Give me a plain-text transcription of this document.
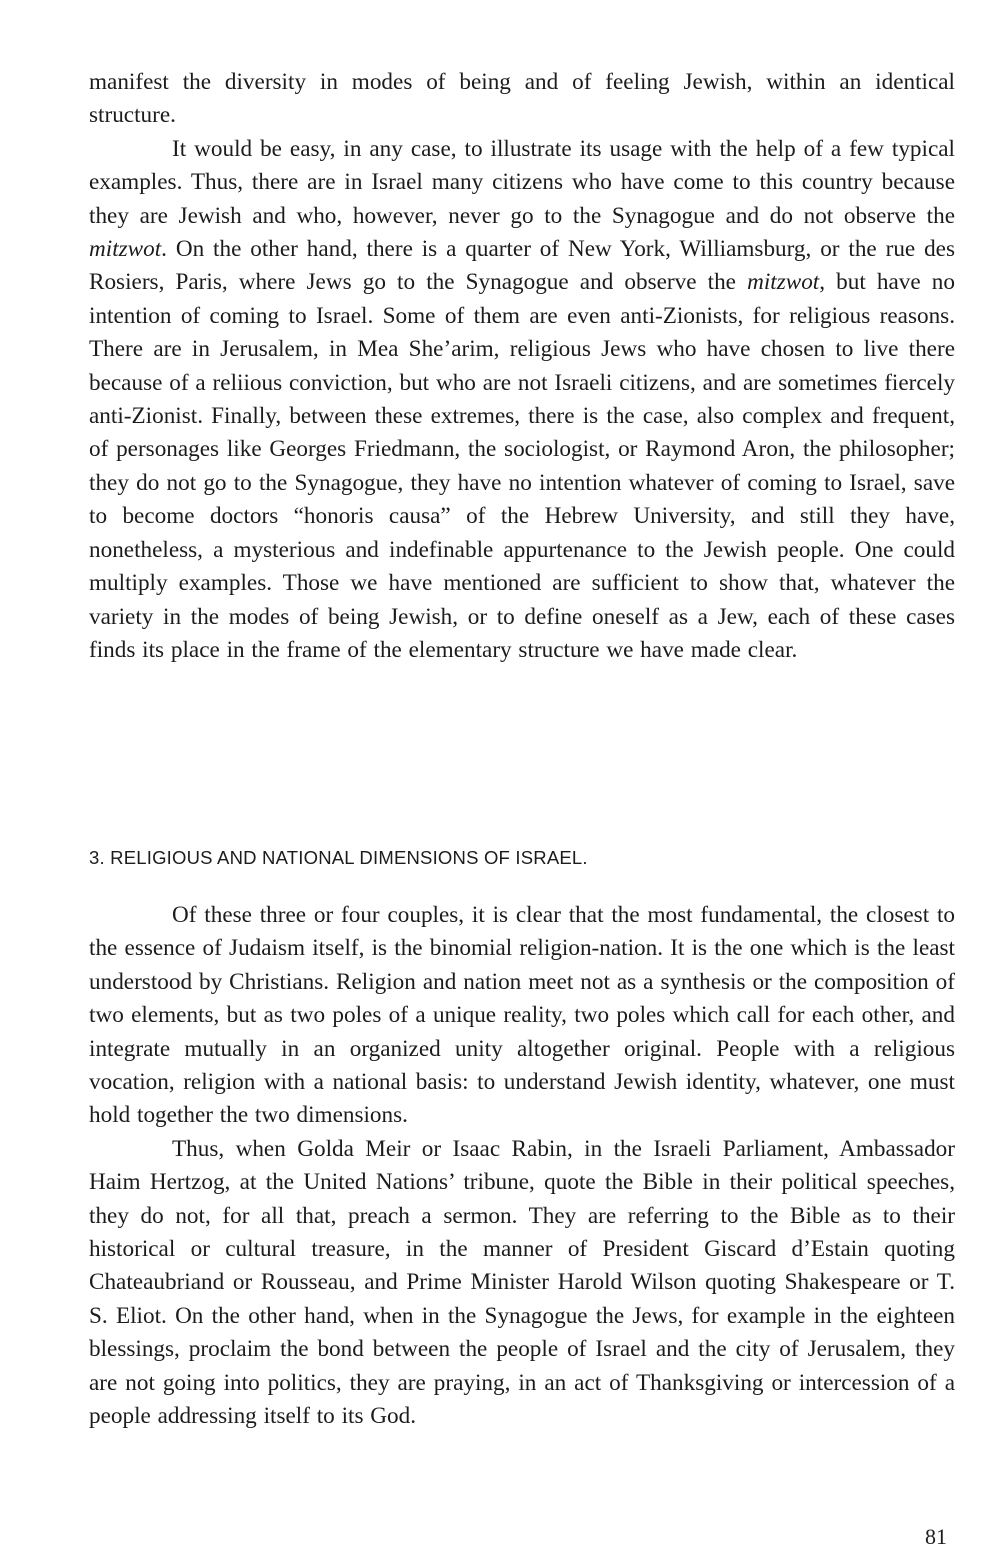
manifest the diversity in modes of being and of feeling Jewish, within an identical structure.

It would be easy, in any case, to illustrate its usage with the help of a few typical examples. Thus, there are in Israel many citizens who have come to this country because they are Jewish and who, however, never go to the Synagogue and do not observe the mitzwot. On the other hand, there is a quarter of New York, Williamsburg, or the rue des Rosiers, Paris, where Jews go to the Synagogue and observe the mitzwot, but have no intention of coming to Israel. Some of them are even anti-Zionists, for religious reasons. There are in Jerusalem, in Mea She’arim, religious Jews who have chosen to live there because of a reliious conviction, but who are not Israeli citizens, and are sometimes fiercely anti-Zionist. Finally, between these extremes, there is the case, also complex and frequent, of personages like Georges Friedmann, the sociologist, or Raymond Aron, the philosopher; they do not go to the Synagogue, they have no intention whatever of coming to Israel, save to become doctors “honoris causa” of the Hebrew University, and still they have, nonetheless, a mysterious and indefinable appurtenance to the Jewish people. One could multiply examples. Those we have mentioned are sufficient to show that, whatever the variety in the modes of being Jewish, or to define oneself as a Jew, each of these cases finds its place in the frame of the elementary structure we have made clear.

3. RELIGIOUS AND NATIONAL DIMENSIONS OF ISRAEL.

Of these three or four couples, it is clear that the most fundamental, the closest to the essence of Judaism itself, is the binomial religion-nation. It is the one which is the least understood by Christians. Religion and nation meet not as a synthesis or the composition of two elements, but as two poles of a unique reality, two poles which call for each other, and integrate mutually in an organized unity altogether original. People with a religious vocation, religion with a national basis: to understand Jewish identity, whatever, one must hold together the two dimensions.

Thus, when Golda Meir or Isaac Rabin, in the Israeli Parliament, Ambassador Haim Hertzog, at the United Nations’ tribune, quote the Bible in their political speeches, they do not, for all that, preach a sermon. They are referring to the Bible as to their historical or cultural treasure, in the manner of President Giscard d’Estain quoting Chateaubriand or Rousseau, and Prime Minister Harold Wilson quoting Shakespeare or T. S. Eliot. On the other hand, when in the Synagogue the Jews, for example in the eighteen blessings, proclaim the bond between the people of Israel and the city of Jerusalem, they are not going into politics, they are praying, in an act of Thanksgiving or intercession of a people addressing itself to its God.

81
